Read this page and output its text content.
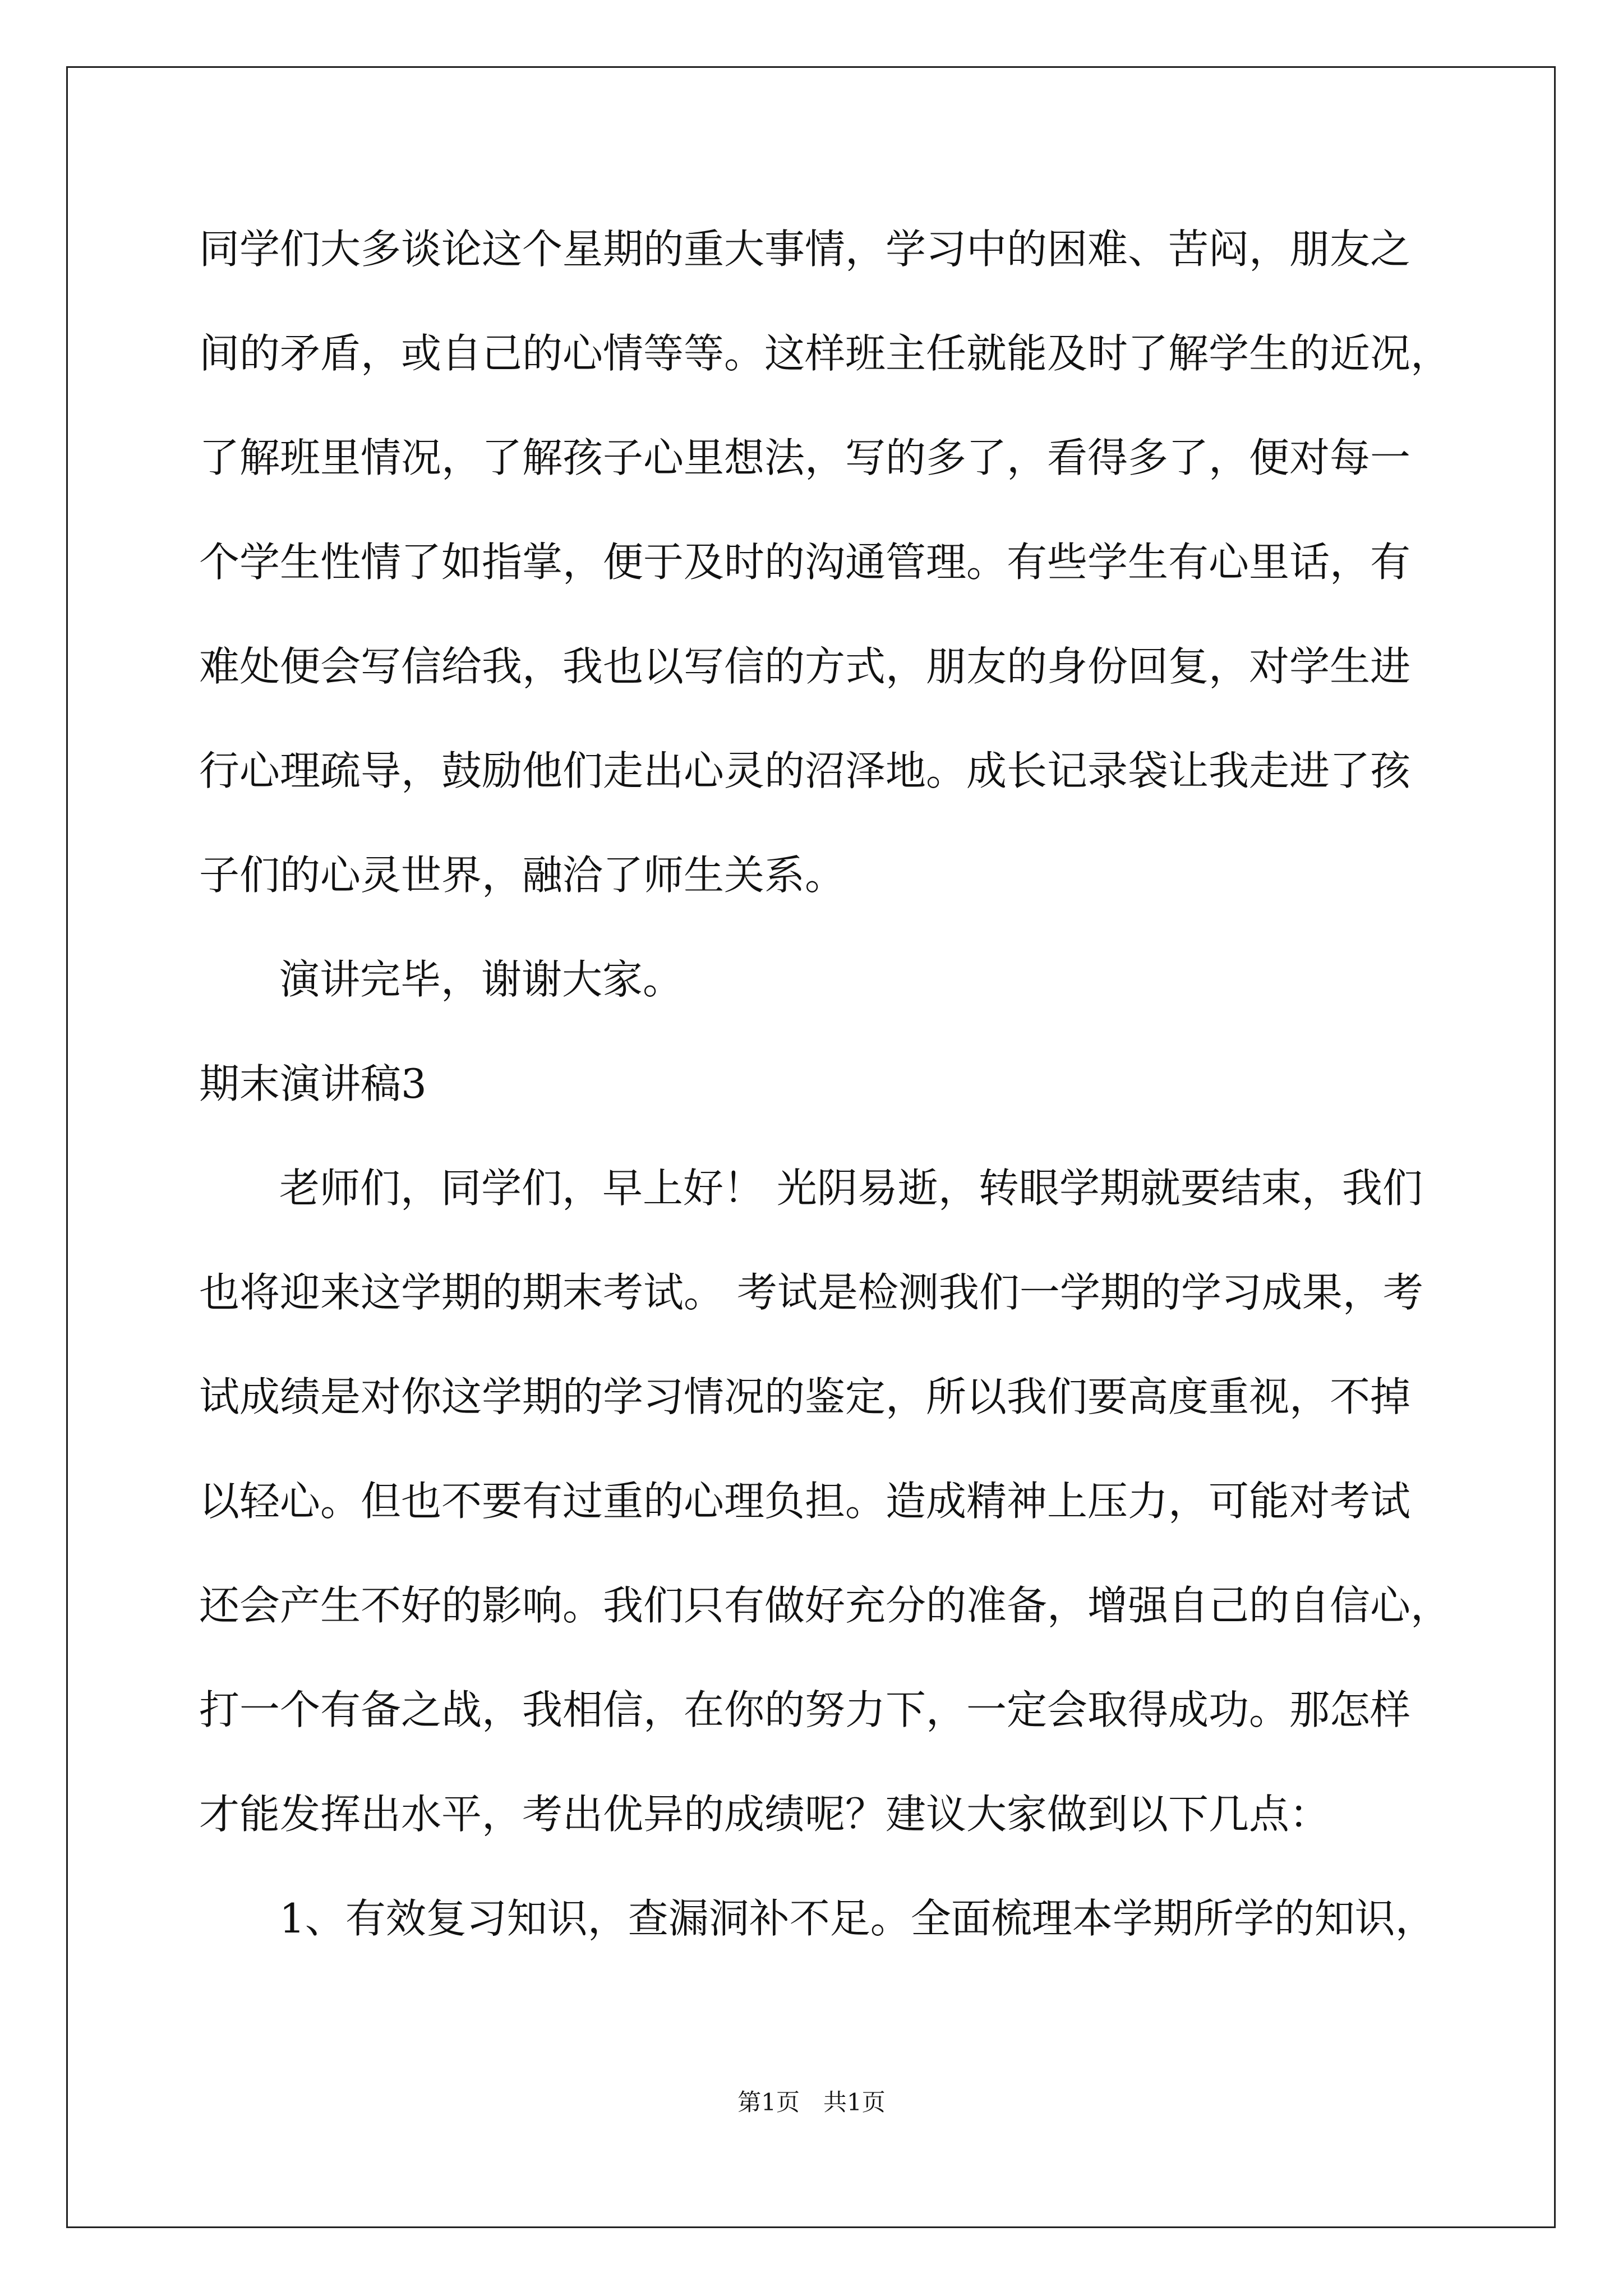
同学们大多谈论这个星期的重大事情，学习中的困难、苦闷，朋友之
间的矛盾，或自己的心情等等。这样班主任就能及时了解学生的近况，
了解班里情况，了解孩子心里想法，写的多了，看得多了，便对每一
个学生性情了如指掌，便于及时的沟通管理。有些学生有心里话，有
难处便会写信给我，我也以写信的方式，朋友的身份回复，对学生进
行心理疏导，鼓励他们走出心灵的沼泽地。成长记录袋让我走进了孩
子们的心灵世界，融洽了师生关系。
演讲完毕，谢谢大家。
期末演讲稿3
老师们，同学们，早上好！ 光阴易逝，转眼学期就要结束，我们
也将迎来这学期的期末考试。 考试是检测我们一学期的学习成果，考
试成绩是对你这学期的学习情况的鉴定，所以我们要高度重视，不掉
以轻心。但也不要有过重的心理负担。造成精神上压力，可能对考试
还会产生不好的影响。我们只有做好充分的准备，增强自己的自信心，
打一个有备之战，我相信，在你的努力下，一定会取得成功。那怎样
才能发挥出水平，考出优异的成绩呢？建议大家做到以下几点：
1、有效复习知识，查漏洞补不足。全面梳理本学期所学的知识，
第1页　共1页
